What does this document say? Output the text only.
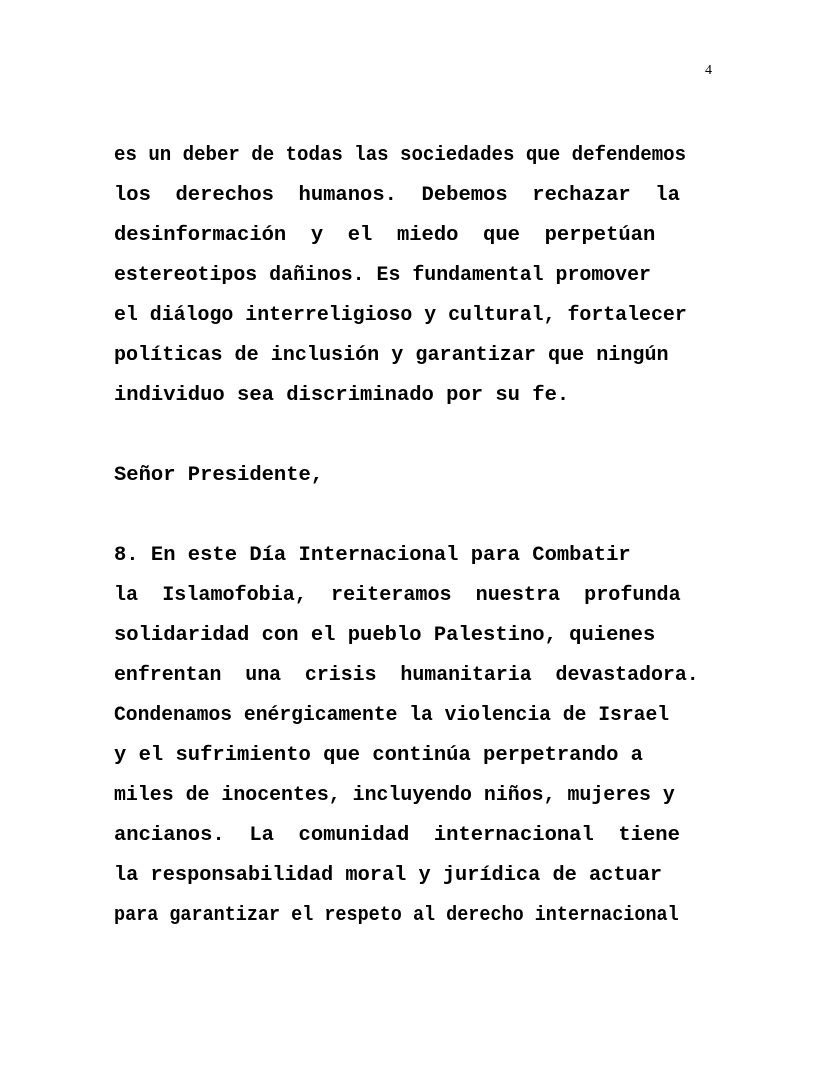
4
es un deber de todas las sociedades que defendemos
los  derechos  humanos.  Debemos  rechazar  la
desinformación  y  el  miedo  que  perpetúan
estereotipos dañinos. Es fundamental promover
el diálogo interreligioso y cultural, fortalecer
políticas de inclusión y garantizar que ningún
individuo sea discriminado por su fe.
Señor Presidente,
8. En este Día Internacional para Combatir
la  Islamofobia,  reiteramos  nuestra  profunda
solidaridad con el pueblo Palestino, quienes
enfrentan  una  crisis  humanitaria  devastadora.
Condenamos enérgicamente la violencia de Israel
y el sufrimiento que continúa perpetrando a
miles de inocentes, incluyendo niños, mujeres y
ancianos.  La  comunidad  internacional  tiene
la responsabilidad moral y jurídica de actuar
para garantizar el respeto al derecho internacional
